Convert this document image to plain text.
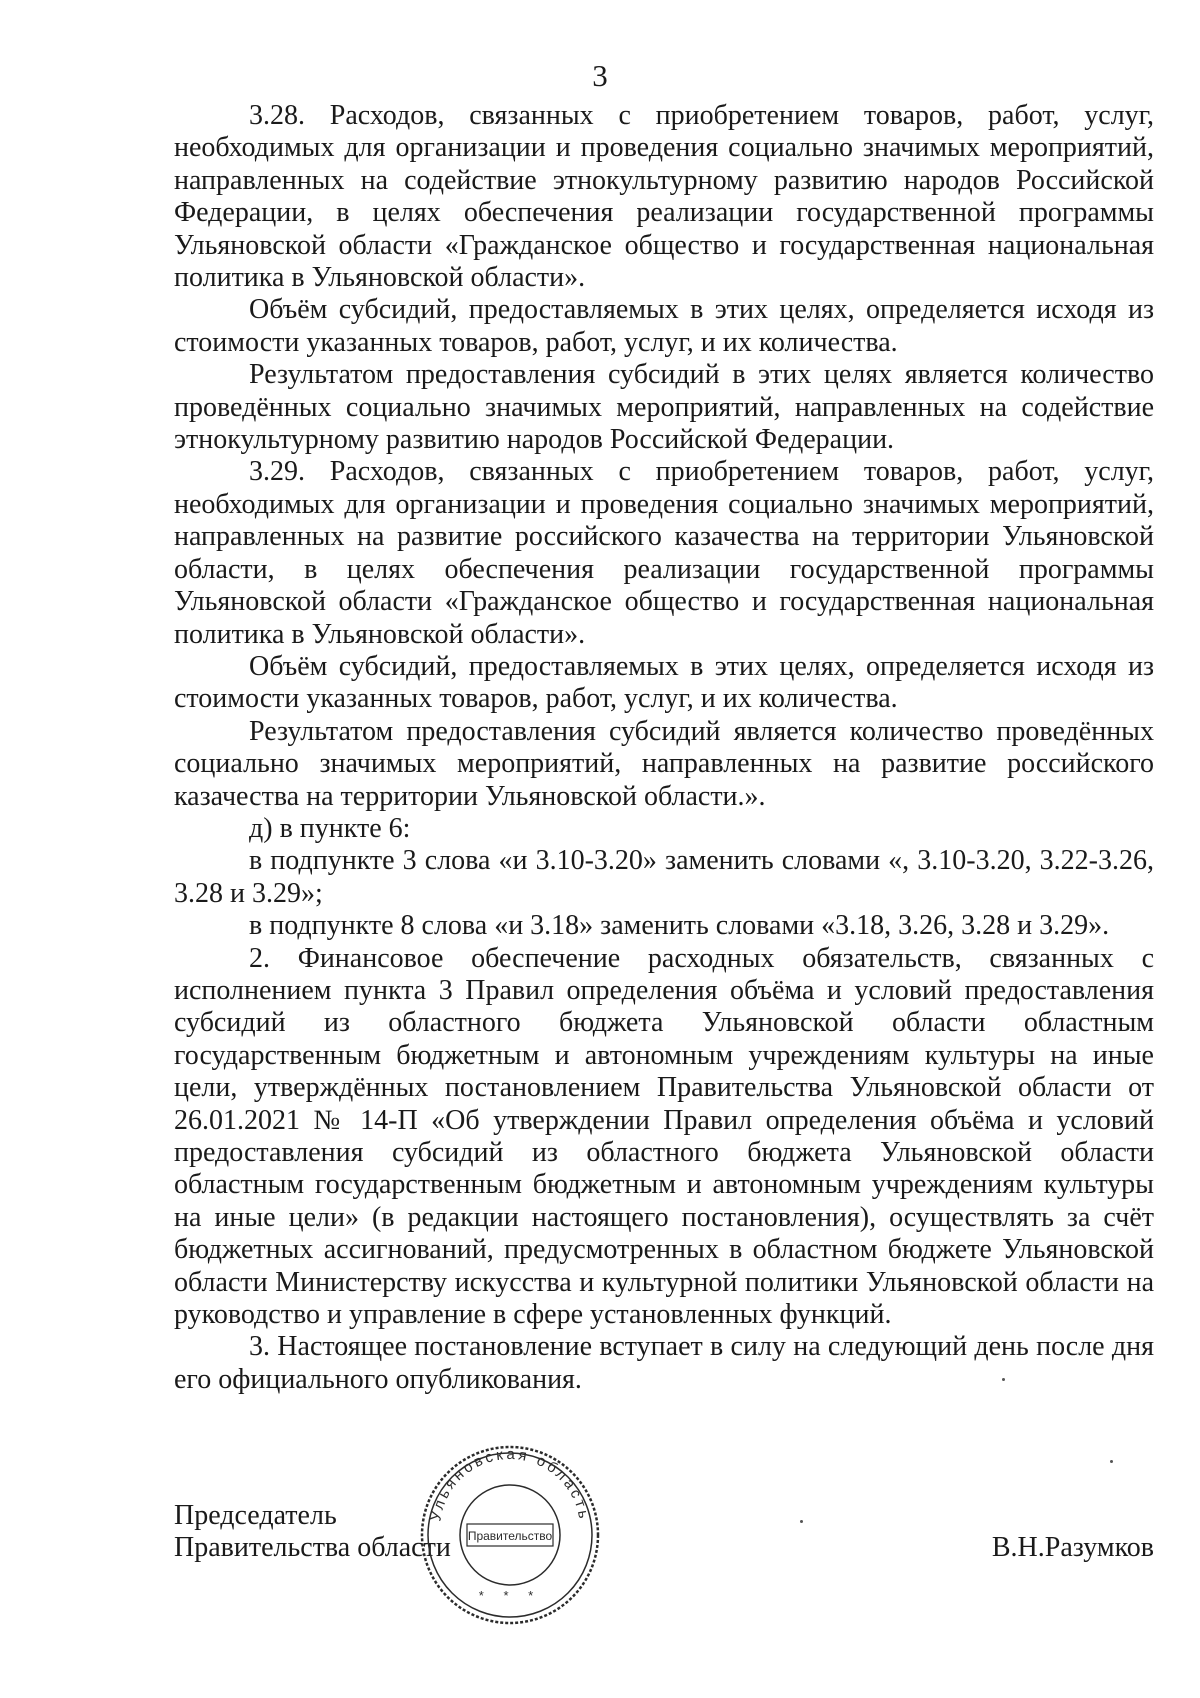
3

3.28. Расходов, связанных с приобретением товаров, работ, услуг, необходимых для организации и проведения социально значимых мероприятий, направленных на содействие этнокультурному развитию народов Российской Федерации, в целях обеспечения реализации государственной программы Ульяновской области «Гражданское общество и государственная национальная политика в Ульяновской области».

Объём субсидий, предоставляемых в этих целях, определяется исходя из стоимости указанных товаров, работ, услуг, и их количества.

Результатом предоставления субсидий в этих целях является количество проведённых социально значимых мероприятий, направленных на содействие этнокультурному развитию народов Российской Федерации.

3.29. Расходов, связанных с приобретением товаров, работ, услуг, необходимых для организации и проведения социально значимых мероприятий, направленных на развитие российского казачества на территории Ульяновской области, в целях обеспечения реализации государственной программы Ульяновской области «Гражданское общество и государственная национальная политика в Ульяновской области».

Объём субсидий, предоставляемых в этих целях, определяется исходя из стоимости указанных товаров, работ, услуг, и их количества.

Результатом предоставления субсидий является количество проведённых социально значимых мероприятий, направленных на развитие российского казачества на территории Ульяновской области.».

д) в пункте 6:

в подпункте 3 слова «и 3.10-3.20» заменить словами «, 3.10-3.20, 3.22-3.26, 3.28 и 3.29»;

в подпункте 8 слова «и 3.18» заменить словами «3.18, 3.26, 3.28 и 3.29».

2. Финансовое обеспечение расходных обязательств, связанных с исполнением пункта 3 Правил определения объёма и условий предоставления субсидий из областного бюджета Ульяновской области областным государственным бюджетным и автономным учреждениям культуры на иные цели, утверждённых постановлением Правительства Ульяновской области от 26.01.2021 № 14-П «Об утверждении Правил определения объёма и условий предоставления субсидий из областного бюджета Ульяновской области областным государственным бюджетным и автономным учреждениям культуры на иные цели» (в редакции настоящего постановления), осуществлять за счёт бюджетных ассигнований, предусмотренных в областном бюджете Ульяновской области Министерству искусства и культурной политики Ульяновской области на руководство и управление в сфере установленных функций.

3. Настоящее постановление вступает в силу на следующий день после дня его официального опубликования.

Председатель
Правительства области	В.Н.Разумков
Ульяновская область
Правительство
* * *
